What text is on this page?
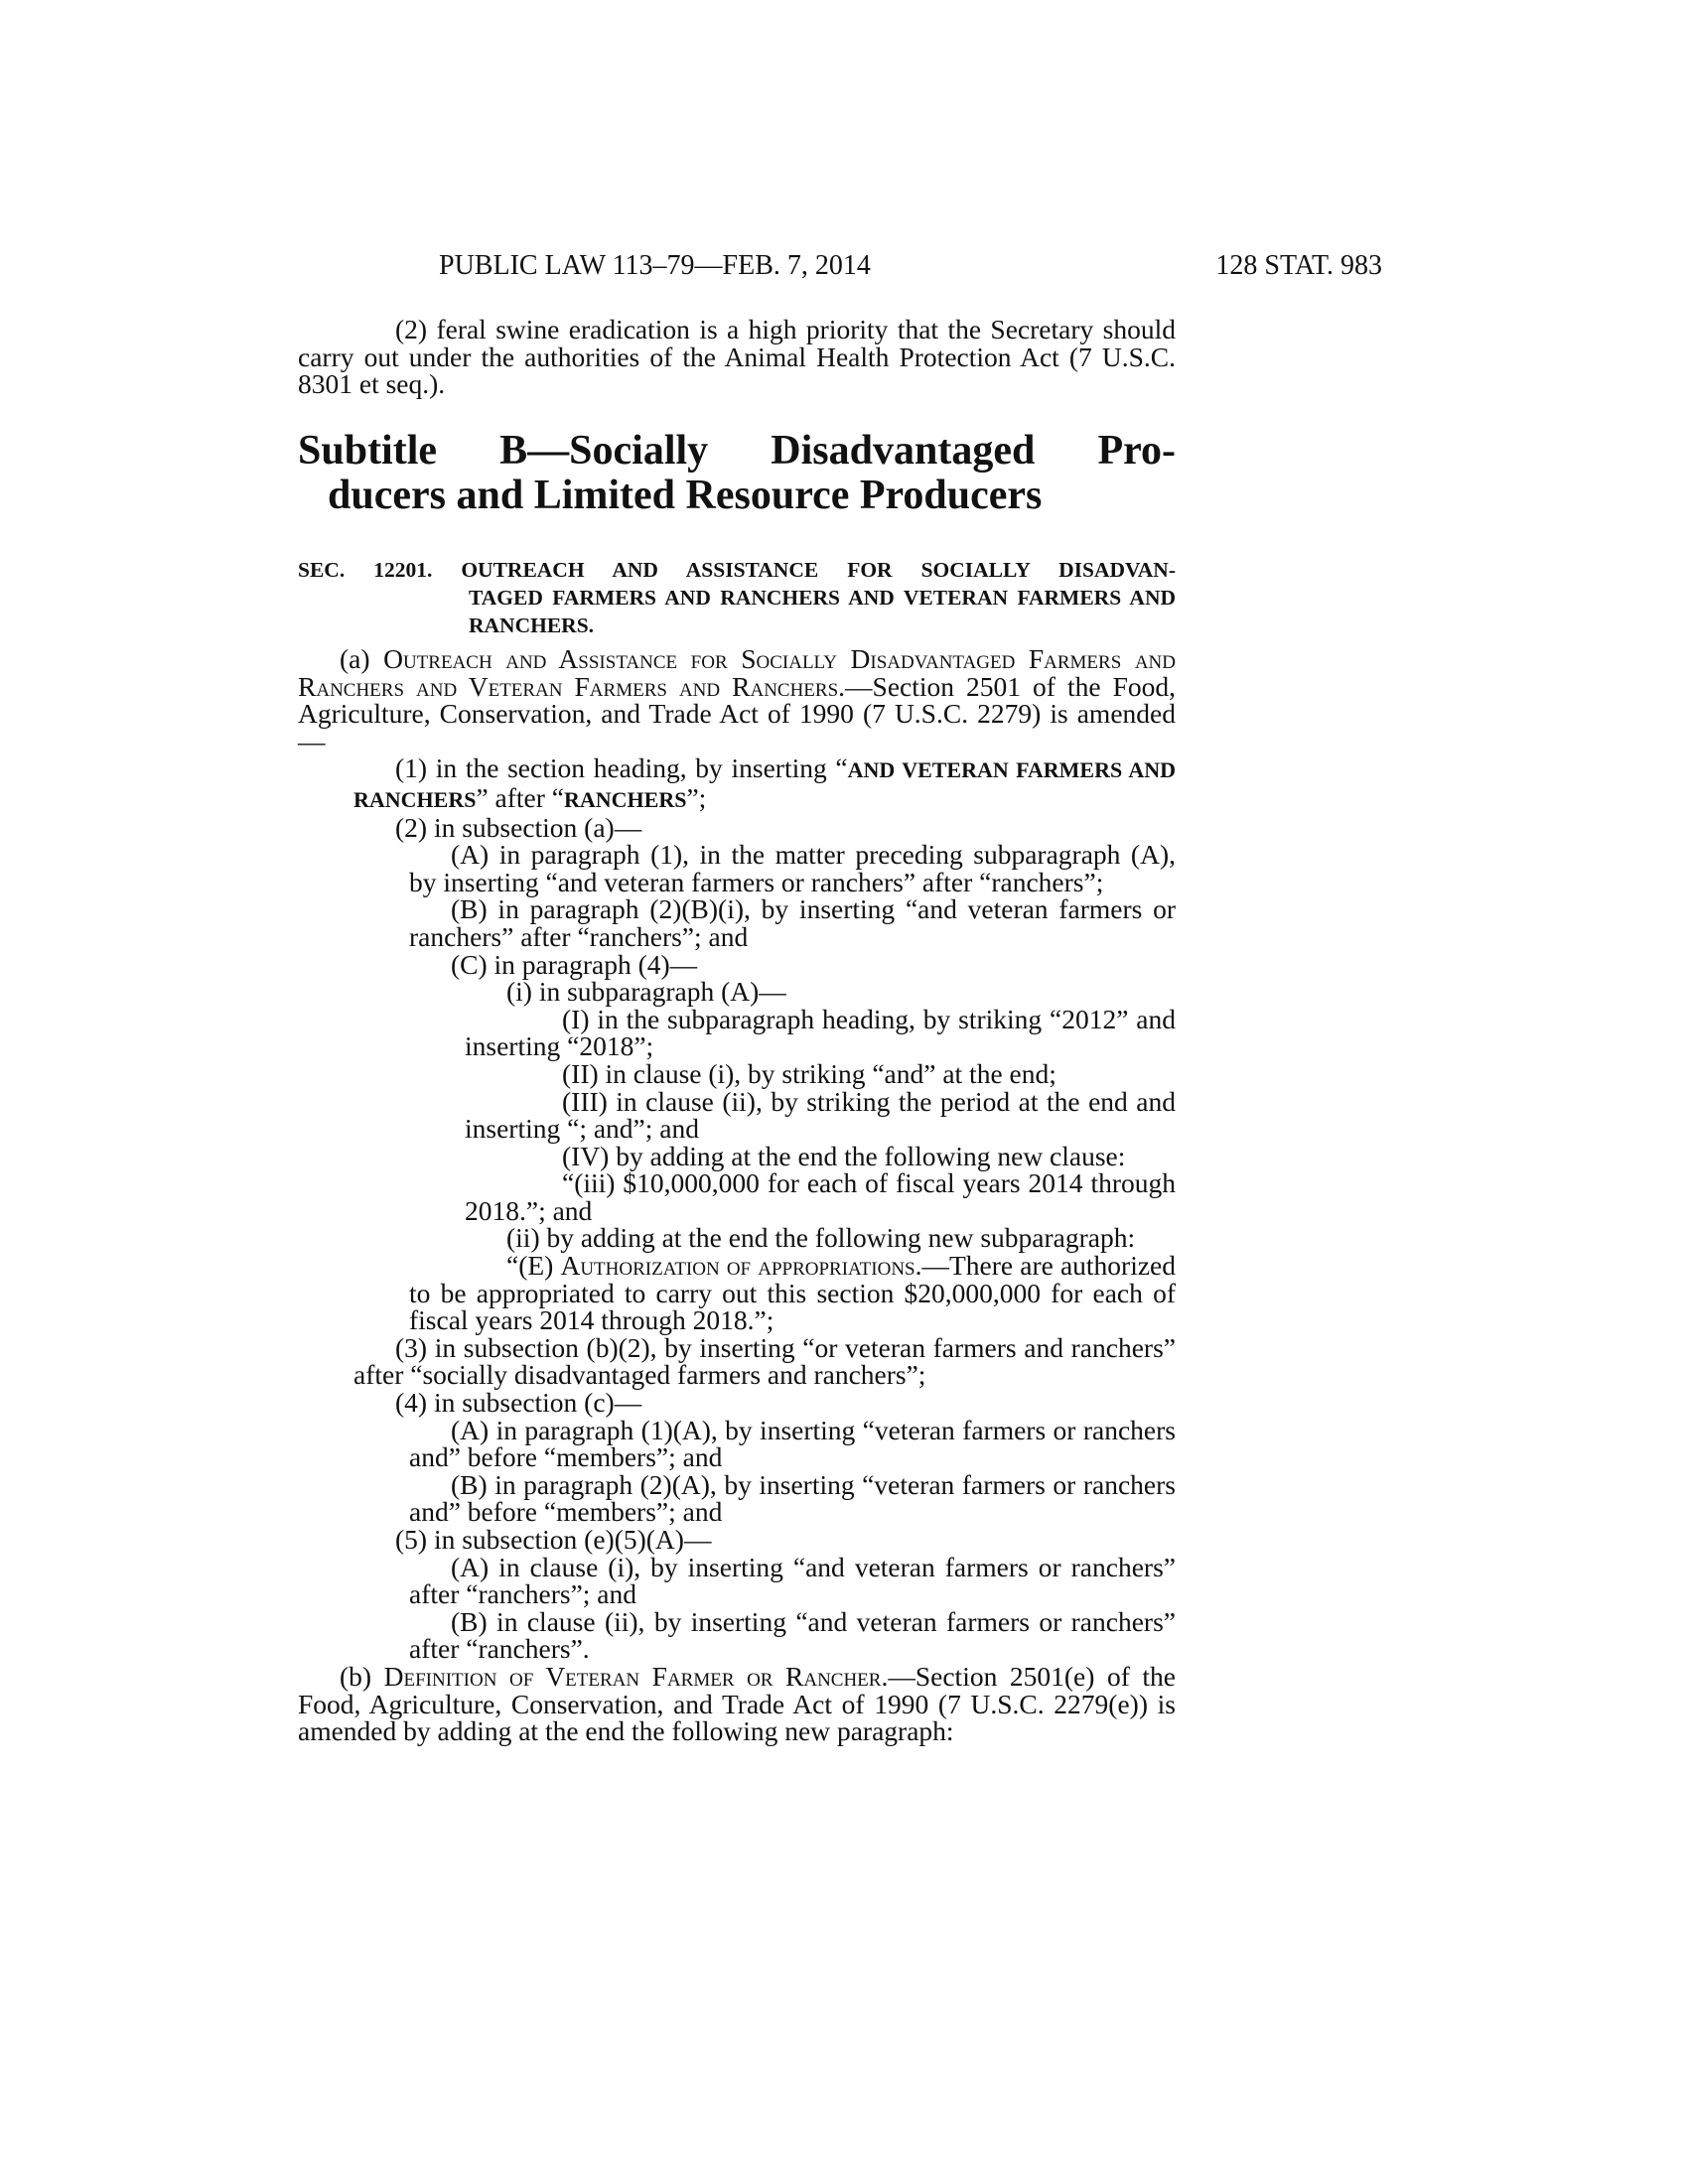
PUBLIC LAW 113–79—FEB. 7, 2014	128 STAT. 983

(2) feral swine eradication is a high priority that the Secretary should carry out under the authorities of the Animal Health Protection Act (7 U.S.C. 8301 et seq.).

Subtitle B—Socially Disadvantaged Pro-
ducers and Limited Resource Producers
SEC. 12201. OUTREACH AND ASSISTANCE FOR SOCIALLY DISADVAN-
TAGED FARMERS AND RANCHERS AND VETERAN FARMERS AND RANCHERS.

(a) Outreach and Assistance for Socially Disadvantaged Farmers and Ranchers and Veteran Farmers and Ranchers.—Section 2501 of the Food, Agriculture, Conservation, and Trade Act of 1990 (7 U.S.C. 2279) is amended—

(1) in the section heading, by inserting “AND VETERAN FARMERS AND RANCHERS” after “RANCHERS”;

(2) in subsection (a)—

(A) in paragraph (1), in the matter preceding subparagraph (A), by inserting “and veteran farmers or ranchers” after “ranchers”;

(B) in paragraph (2)(B)(i), by inserting “and veteran farmers or ranchers” after “ranchers”; and

(C) in paragraph (4)—

(i) in subparagraph (A)—

(I) in the subparagraph heading, by striking “2012” and inserting “2018”;

(II) in clause (i), by striking “and” at the end;

(III) in clause (ii), by striking the period at the end and inserting “; and”; and

(IV) by adding at the end the following new clause:

“(iii) $10,000,000 for each of fiscal years 2014 through 2018.”; and

(ii) by adding at the end the following new subparagraph:

“(E) Authorization of appropriations.—There are authorized to be appropriated to carry out this section $20,000,000 for each of fiscal years 2014 through 2018.”;

(3) in subsection (b)(2), by inserting “or veteran farmers and ranchers” after “socially disadvantaged farmers and ranchers”;

(4) in subsection (c)—

(A) in paragraph (1)(A), by inserting “veteran farmers or ranchers and” before “members”; and

(B) in paragraph (2)(A), by inserting “veteran farmers or ranchers and” before “members”; and

(5) in subsection (e)(5)(A)—

(A) in clause (i), by inserting “and veteran farmers or ranchers” after “ranchers”; and

(B) in clause (ii), by inserting “and veteran farmers or ranchers” after “ranchers”.

(b) Definition of Veteran Farmer or Rancher.—Section 2501(e) of the Food, Agriculture, Conservation, and Trade Act of 1990 (7 U.S.C. 2279(e)) is amended by adding at the end the following new paragraph:
